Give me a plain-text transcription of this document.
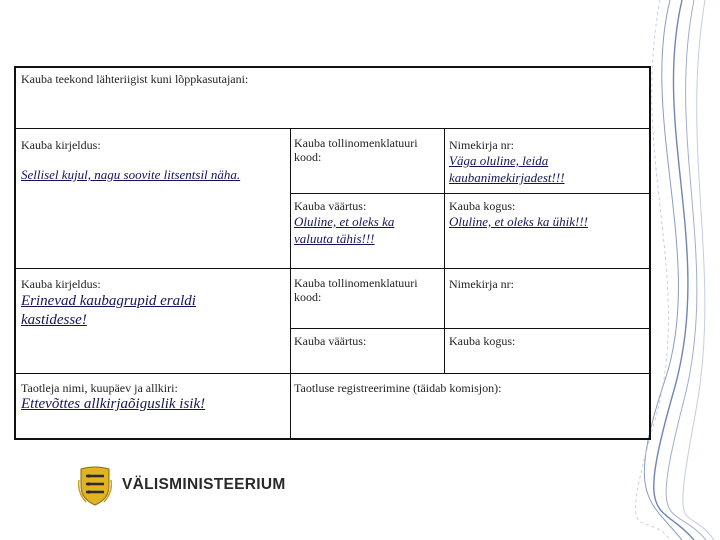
Kauba teekond lähteriigist kuni lõppkasutajani:
Kauba kirjeldus:
Sellisel kujul, nagu soovite litsentsil näha.
Kauba tollinomenklatuuri kood:
Nimekirja nr:
Väga oluline, leida kaubanimekirjadest!!!
Kauba väärtus:
Oluline, et oleks ka valuuta tähis!!!
Kauba kogus:
Oluline, et oleks ka ühik!!!
Kauba kirjeldus:
Erinevad kaubagrupid eraldi kastidesse!
Kauba tollinomenklatuuri kood:
Nimekirja nr:
Kauba väärtus:	Kauba kogus:
Taotleja nimi, kuupäev ja allkiri:
Ettevõttes allkirjaõiguslik isik!
Taotluse registreerimine (täidab komisjon):
VÄLISMINISTEERIUM
